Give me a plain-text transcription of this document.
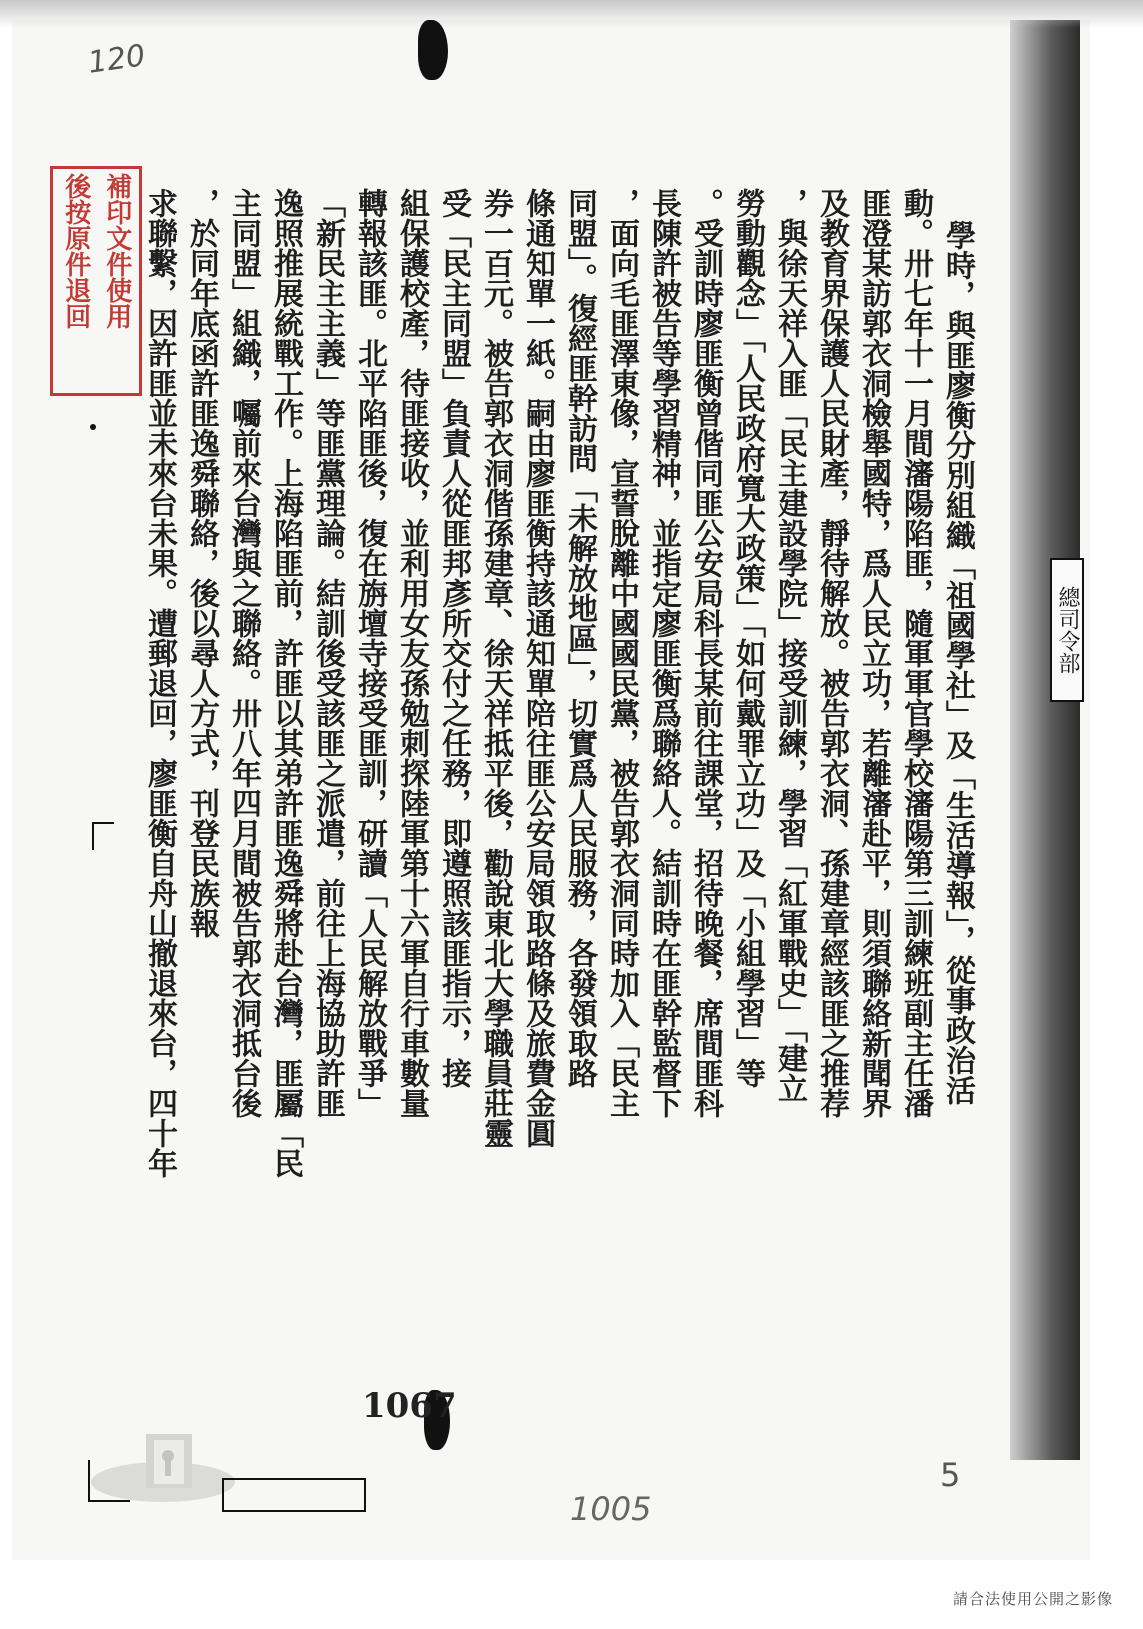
120
補印文件使用
後按原件退回
總司令部
學時，與匪廖衡分別組織「祖國學社」及「生活導報」，從事政治活
動。卅七年十一月間瀋陽陷匪，隨軍軍官學校瀋陽第三訓練班副主任潘
匪澄某訪郭衣洞檢舉國特，爲人民立功，若離瀋赴平，則須聯絡新聞界
及教育界保護人民財產，靜待解放。被告郭衣洞、孫建章經該匪之推荐
，與徐天祥入匪「民主建設學院」接受訓練，學習「紅軍戰史」「建立
勞動觀念」「人民政府寬大政策」「如何戴罪立功」及「小組學習」等
。受訓時廖匪衡曾偕同匪公安局科長某前往課堂，招待晚餐，席間匪科
長陳許被告等學習精神，並指定廖匪衡爲聯絡人。結訓時在匪幹監督下
，面向毛匪澤東像，宣誓脫離中國國民黨，被告郭衣洞同時加入「民主
同盟」。復經匪幹訪問「未解放地區」，切實爲人民服務，各發領取路
條通知單一紙。嗣由廖匪衡持該通知單陪往匪公安局領取路條及旅費金圓
券一百元。被告郭衣洞偕孫建章、徐天祥抵平後，勸說東北大學職員莊靈
受「民主同盟」負責人從匪邦彥所交付之任務，即遵照該匪指示，接
組保護校產，待匪接收，並利用女友孫勉刺探陸軍第十六軍自行車數量
轉報該匪。北平陷匪後，復在旃壇寺接受匪訓，研讀「人民解放戰爭」
「新民主主義」等匪黨理論。結訓後受該匪之派遣，前往上海協助許匪
逸照推展統戰工作。上海陷匪前，許匪以其弟許匪逸舜將赴台灣，匪屬「民
主同盟」組織，囑前來台灣與之聯絡。卅八年四月間被告郭衣洞抵台後
，於同年底函許匪逸舜聯絡，後以尋人方式，刊登民族報
求聯繫，因許匪並未來台未果。遭郵退回，廖匪衡自舟山撤退來台，四十年
1067
1005
5
請合法使用公開之影像
